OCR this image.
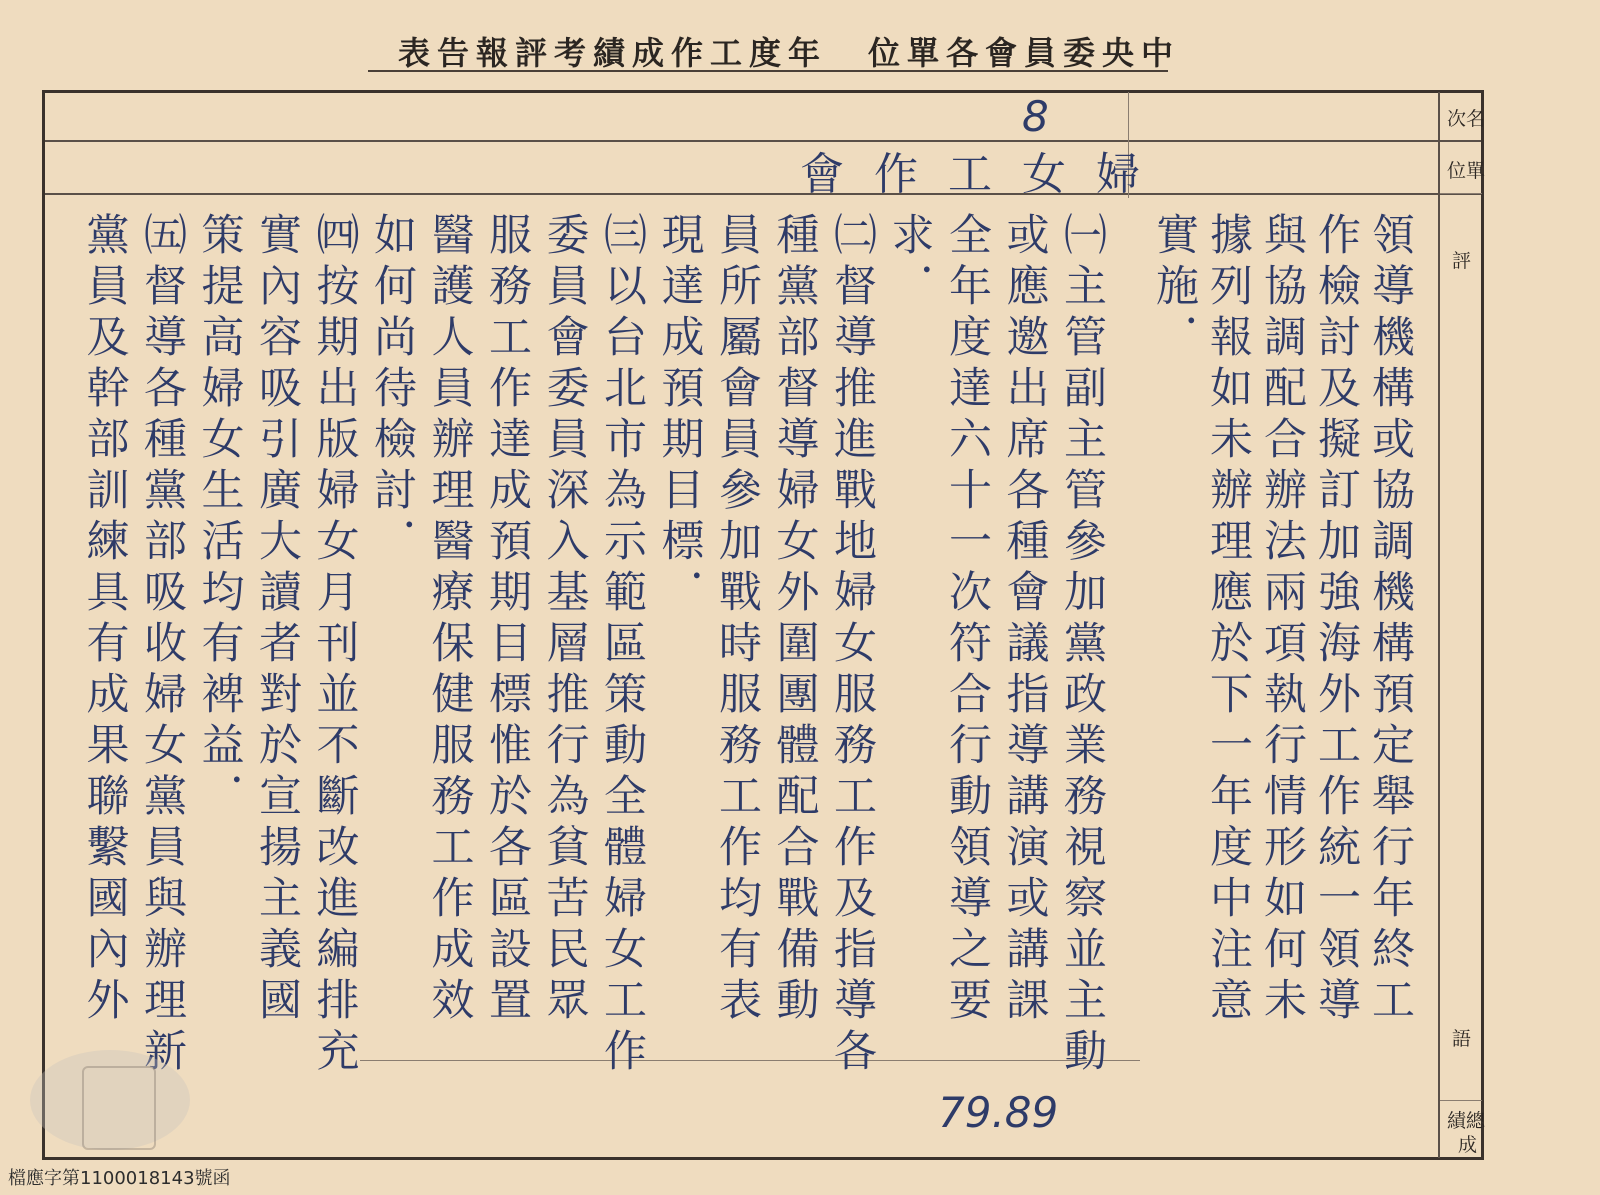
表告報評考績成作工度年 位單各會員委央中
次名
位單
評
語
績總
成
8
婦女工作會
79.89
㈠主管副主管參加黨政業務視察並主動
或應邀出席各種會議指導講演或講課
全年度達六十一次符合行動領導之要
求．
㈡督導推進戰地婦女服務工作及指導各
種黨部督導婦女外圍團體配合戰備動
員所屬會員參加戰時服務工作均有表
現達成預期目標．
㈢以台北市為示範區策動全體婦女工作
委員會委員深入基層推行為貧苦民眾
服務工作達成預期目標惟於各區設置
醫護人員辦理醫療保健服務工作成效
如何尚待檢討．
㈣按期出版婦女月刊並不斷改進編排充
實內容吸引廣大讀者對於宣揚主義國
策提高婦女生活均有裨益．
㈤督導各種黨部吸收婦女黨員與辦理新
黨員及幹部訓練具有成果聯繫國內外	領導機構或協調機構預定舉行年終工
作檢討及擬訂加強海外工作統一領導
與協調配合辦法兩項執行情形如何未
據列報如未辦理應於下一年度中注意
實施．
檔應字第1100018143號函
